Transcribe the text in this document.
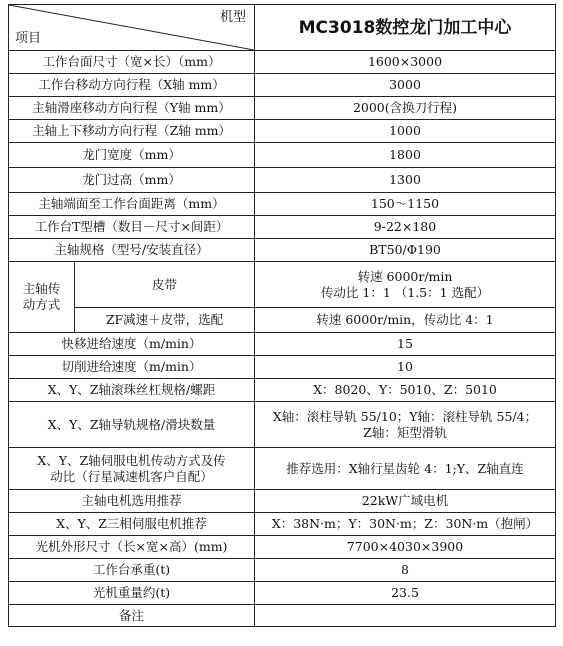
机型
项目		MC3018数控龙门加工中心
工作台面尺寸（宽×长）（mm）		1600×3000
工作台移动方向行程（X轴 mm）		3000
主轴滑座移动方向行程（Y轴 mm）		2000(含换刀行程)
主轴上下移动方向行程（Z轴 mm）		1000
龙门宽度（mm）		1800
龙门过高（mm）		1300
主轴端面至工作台面距离（mm）		150～1150
工作台T型槽（数目－尺寸×间距）		9-22×180
主轴规格（型号/安装直径）		BT50/Φ190

主轴传
动方式	皮带	转速 6000r/min
传动比 1：1 （1.5：1 选配）

	ZF减速＋皮带，选配	转速 6000r/min，传动比 4：1
快移进给速度（m/min）		15
切削进给速度（m/min）		10
X、Y、Z轴滚珠丝杠规格/螺距		X：8020、Y：5010、Z：5010
X、Y、Z轴导轨规格/滑块数量		X轴：滚柱导轨 55/10；Y轴：滚柱导轨 55/4；
Z轴：矩型滑轨

X、Y、Z轴伺服电机传动方式及传
动比（行星减速机客户自配）		推荐选用：X轴行星齿轮 4：1;Y、Z轴直连
主轴电机选用推荐		22kW广域电机
X、Y、Z三相伺服电机推荐		X：38N·m；Y：30N·m；Z：30N·m（抱闸）
光机外形尺寸（长×宽×高）(mm)		7700×4030×3900
工作台承重(t)		8
光机重量约(t)		23.5
备注		
